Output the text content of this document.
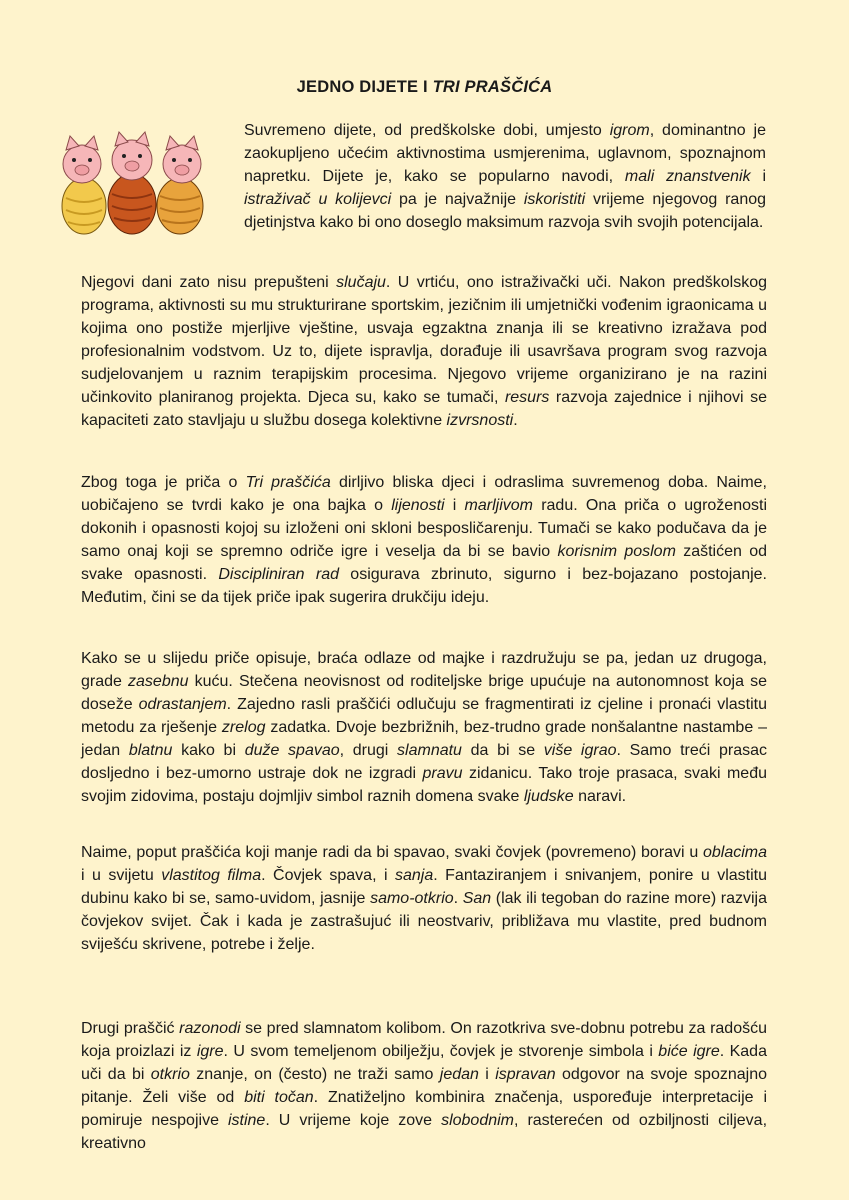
JEDNO DIJETE I TRI PRAŠČIĆA

Suvremeno dijete, od predškolske dobi, umjesto igrom, dominantno je zaokupljeno učećim aktivnostima usmjerenima, uglavnom, spoznajnom napretku. Dijete je, kako se popularno navodi, mali znanstvenik i istraživač u kolijevci pa je najvažnije iskoristiti vrijeme njegovog ranog djetinjstva kako bi ono doseglo maksimum razvoja svih svojih potencijala.

Njegovi dani zato nisu prepušteni slučaju. U vrtiću, ono istraživački uči. Nakon predškolskog programa, aktivnosti su mu strukturirane sportskim, jezičnim ili umjetnički vođenim igraonicama u kojima ono postiže mjerljive vještine, usvaja egzaktna znanja ili se kreativno izražava pod profesionalnim vodstvom. Uz to, dijete ispravlja, dorađuje ili usavršava program svog razvoja sudjelovanjem u raznim terapijskim procesima. Njegovo vrijeme organizirano je na razini učinkovito planiranog projekta. Djeca su, kako se tumači, resurs razvoja zajednice i njihovi se kapaciteti zato stavljaju u službu dosega kolektivne izvrsnosti.

Zbog toga je priča o Tri praščića dirljivo bliska djeci i odraslima suvremenog doba. Naime, uobičajeno se tvrdi kako je ona bajka o lijenosti i marljivom radu. Ona priča o ugroženosti dokonih i opasnosti kojoj su izloženi oni skloni besposličarenju. Tumači se kako podučava da je samo onaj koji se spremno odriče igre i veselja da bi se bavio korisnim poslom zaštićen od svake opasnosti. Discipliniran rad osigurava zbrinuto, sigurno i bez-bojazano postojanje. Međutim, čini se da tijek priče ipak sugerira drukčiju ideju.

Kako se u slijedu priče opisuje, braća odlaze od majke i razdružuju se pa, jedan uz drugoga, grade zasebnu kuću. Stečena neovisnost od roditeljske brige upućuje na autonomnost koja se doseže odrastanjem. Zajedno rasli praščići odlučuju se fragmentirati iz cjeline i pronaći vlastitu metodu za rješenje zrelog zadatka. Dvoje bezbrižnih, bez-trudno grade nonšalantne nastambe – jedan blatnu kako bi duže spavao, drugi slamnatu da bi se više igrao. Samo treći prasac dosljedno i bez-umorno ustraje dok ne izgradi pravu zidanicu. Tako troje prasaca, svaki među svojim zidovima, postaju dojmljiv simbol raznih domena svake ljudske naravi.

Naime, poput praščića koji manje radi da bi spavao, svaki čovjek (povremeno) boravi u oblacima i u svijetu vlastitog filma. Čovjek spava, i sanja. Fantaziranjem i snivanjem, ponire u vlastitu dubinu kako bi se, samo-uvidom, jasnije samo-otkrio. San (lak ili tegoban do razine more) razvija čovjekov svijet. Čak i kada je zastrašujuć ili neostvariv, približava mu vlastite, pred budnom sviješću skrivene, potrebe i želje.

Drugi praščić razonodi se pred slamnatom kolibom. On razotkriva sve-dobnu potrebu za radošću koja proizlazi iz igre. U svom temeljenom obilježju, čovjek je stvorenje simbola i biće igre. Kada uči da bi otkrio znanje, on (često) ne traži samo jedan i ispravan odgovor na svoje spoznajno pitanje. Želi više od biti točan. Znatiželjno kombinira značenja, uspoređuje interpretacije i pomiruje nespojive istine. U vrijeme koje zove slobodnim, rasterećen od ozbiljnosti ciljeva, kreativno
